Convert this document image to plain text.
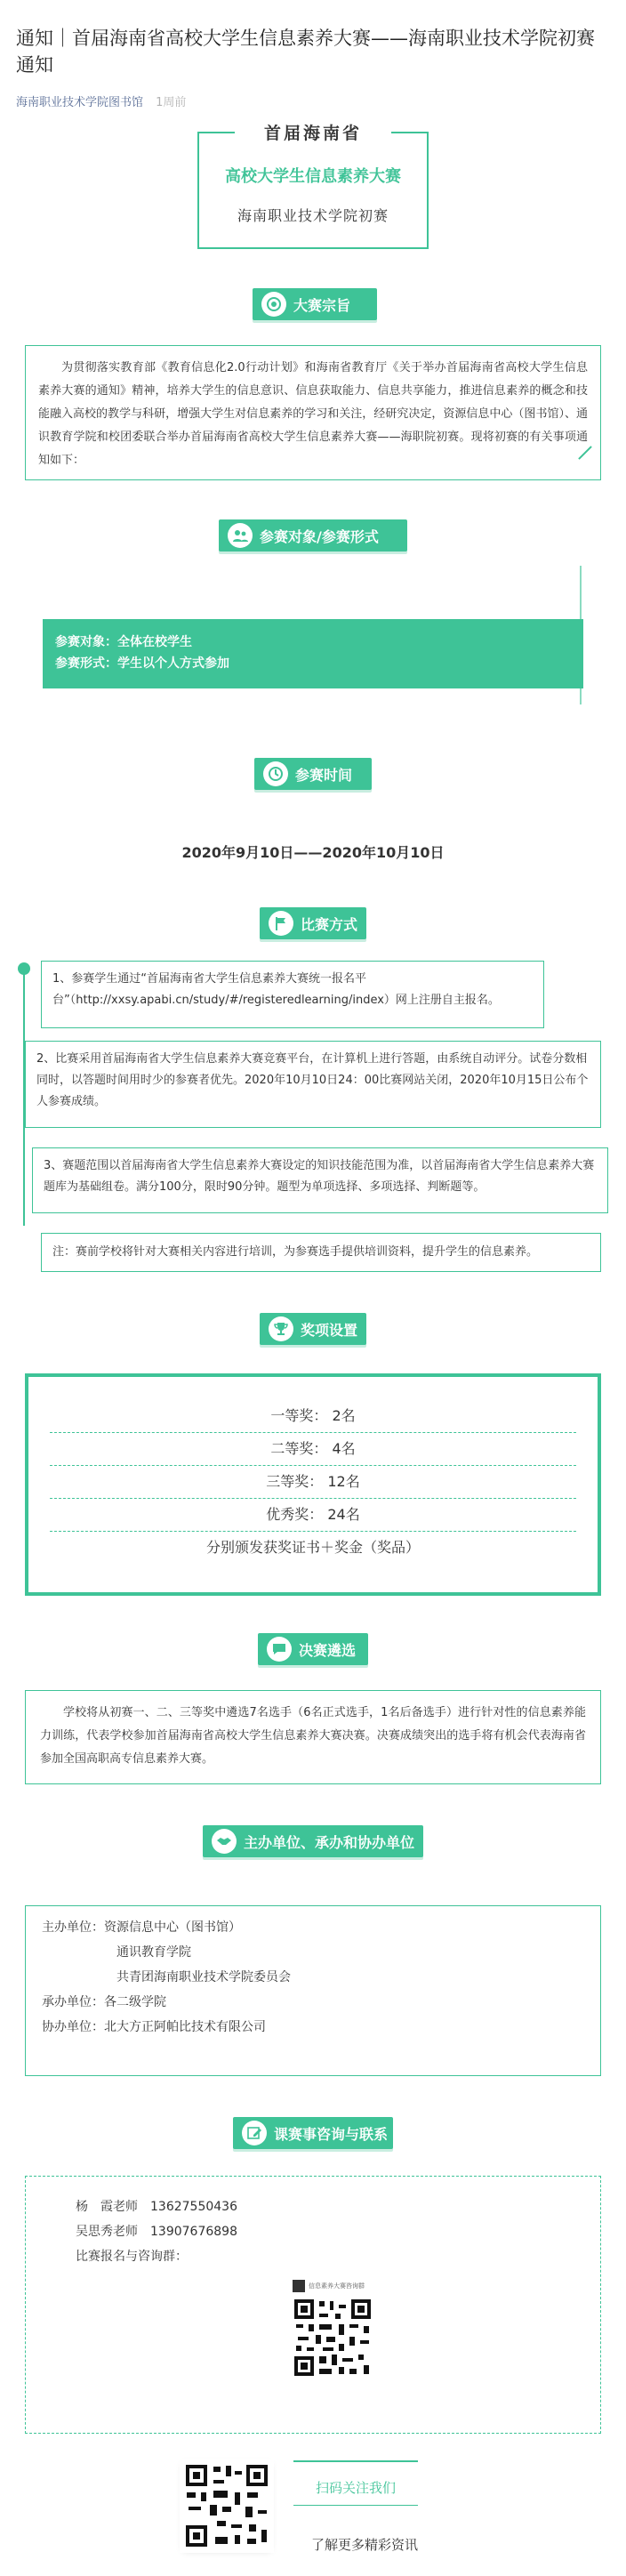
通知｜首届海南省高校大学生信息素养大赛——海南职业技术学院初赛通知
海南职业技术学院图书馆 1周前
首届海南省
高校大学生信息素养大赛
海南职业技术学院初赛
大赛宗旨
为贯彻落实教育部《教育信息化2.0行动计划》和海南省教育厅《关于举办首届海南省高校大学生信息素养大赛的通知》精神，培养大学生的信息意识、信息获取能力、信息共享能力，推进信息素养的概念和技能融入高校的教学与科研，增强大学生对信息素养的学习和关注，经研究决定，资源信息中心（图书馆）、通识教育学院和校团委联合举办首届海南省高校大学生信息素养大赛——海职院初赛。现将初赛的有关事项通知如下：
参赛对象/参赛形式
参赛对象：全体在校学生
参赛形式：学生以个人方式参加
参赛时间
2020年9月10日——2020年10月10日
比赛方式
1、参赛学生通过“首届海南省大学生信息素养大赛统一报名平台”（http://xxsy.apabi.cn/study/#/registeredlearning/index）网上注册自主报名。
2、比赛采用首届海南省大学生信息素养大赛竞赛平台，在计算机上进行答题，由系统自动评分。试卷分数相同时，以答题时间用时少的参赛者优先。2020年10月10日24：00比赛网站关闭，2020年10月15日公布个人参赛成绩。
3、赛题范围以首届海南省大学生信息素养大赛设定的知识技能范围为准，以首届海南省大学生信息素养大赛题库为基础组卷。满分100分，限时90分钟。题型为单项选择、多项选择、判断题等。
注：赛前学校将针对大赛相关内容进行培训，为参赛选手提供培训资料，提升学生的信息素养。
奖项设置
一等奖： 2名
二等奖： 4名
三等奖： 12名
优秀奖： 24名
分别颁发获奖证书＋奖金（奖品）
决赛遴选
学校将从初赛一、二、三等奖中遴选7名选手（6名正式选手，1名后备选手）进行针对性的信息素养能力训练，代表学校参加首届海南省高校大学生信息素养大赛决赛。决赛成绩突出的选手将有机会代表海南省参加全国高职高专信息素养大赛。
主办单位、承办和协办单位
主办单位：资源信息中心（图书馆）
通识教育学院
共青团海南职业技术学院委员会
承办单位：各二级学院
协办单位：北大方正阿帕比技术有限公司
课赛事咨询与联系
杨　霞老师　13627550436
吴思秀老师　13907676898
比赛报名与咨询群：
信息素养大赛咨询群
扫码关注我们
了解更多精彩资讯
